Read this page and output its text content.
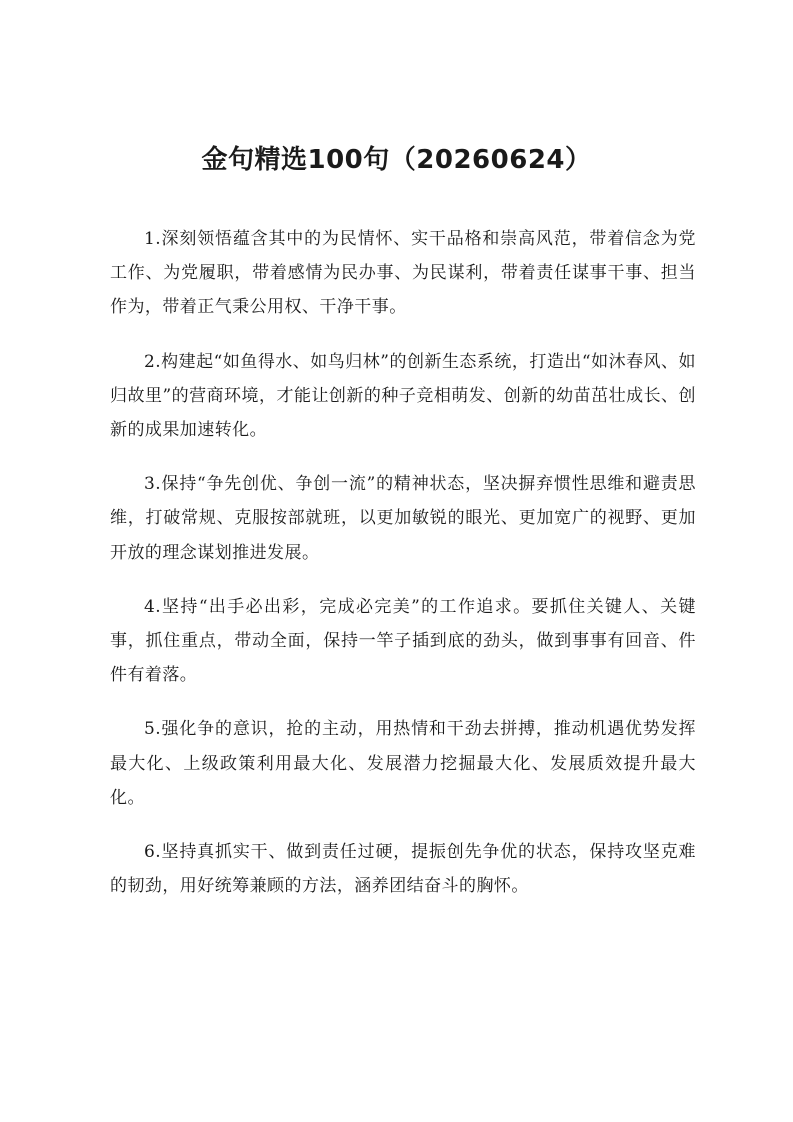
金句精选100句（20260624）

1.深刻领悟蕴含其中的为民情怀、实干品格和崇高风范，带着信念为党工作、为党履职，带着感情为民办事、为民谋利，带着责任谋事干事、担当作为，带着正气秉公用权、干净干事。

2.构建起“如鱼得水、如鸟归林”的创新生态系统，打造出“如沐春风、如归故里”的营商环境，才能让创新的种子竞相萌发、创新的幼苗茁壮成长、创新的成果加速转化。

3.保持“争先创优、争创一流”的精神状态，坚决摒弃惯性思维和避责思维，打破常规、克服按部就班，以更加敏锐的眼光、更加宽广的视野、更加开放的理念谋划推进发展。

4.坚持“出手必出彩，完成必完美”的工作追求。要抓住关键人、关键事，抓住重点，带动全面，保持一竿子插到底的劲头，做到事事有回音、件件有着落。

5.强化争的意识，抢的主动，用热情和干劲去拼搏，推动机遇优势发挥最大化、上级政策利用最大化、发展潜力挖掘最大化、发展质效提升最大化。

6.坚持真抓实干、做到责任过硬，提振创先争优的状态，保持攻坚克难的韧劲，用好统筹兼顾的方法，涵养团结奋斗的胸怀。
